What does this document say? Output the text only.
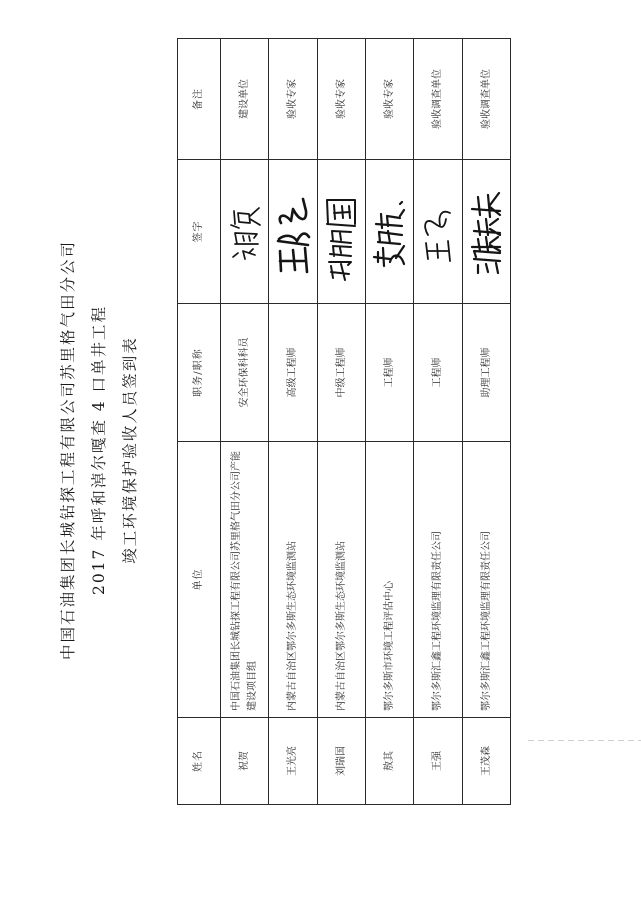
中国石油集团长城钻探工程有限公司苏里格气田分公司 2017 年呼和淖尔嘎查 4 口单井工程 竣工环境保护验收人员签到表
姓名	单位	职务/职称	签字	备注
祝贺	中国石油集团长城钻探工程有限公司苏里格气田分公司产能建设项目组	安全环保科科员		建设单位
王光亮	内蒙古自治区鄂尔多斯生态环境监测站	高级工程师		验收专家
刘瑞国	内蒙古自治区鄂尔多斯生态环境监测站	中级工程师		验收专家
敖其	鄂尔多斯市环境工程评估中心	工程师		验收专家
王强	鄂尔多斯汇鑫工程环境监理有限责任公司	工程师		验收调查单位
王茂森	鄂尔多斯汇鑫工程环境监理有限责任公司	助理工程师		验收调查单位
